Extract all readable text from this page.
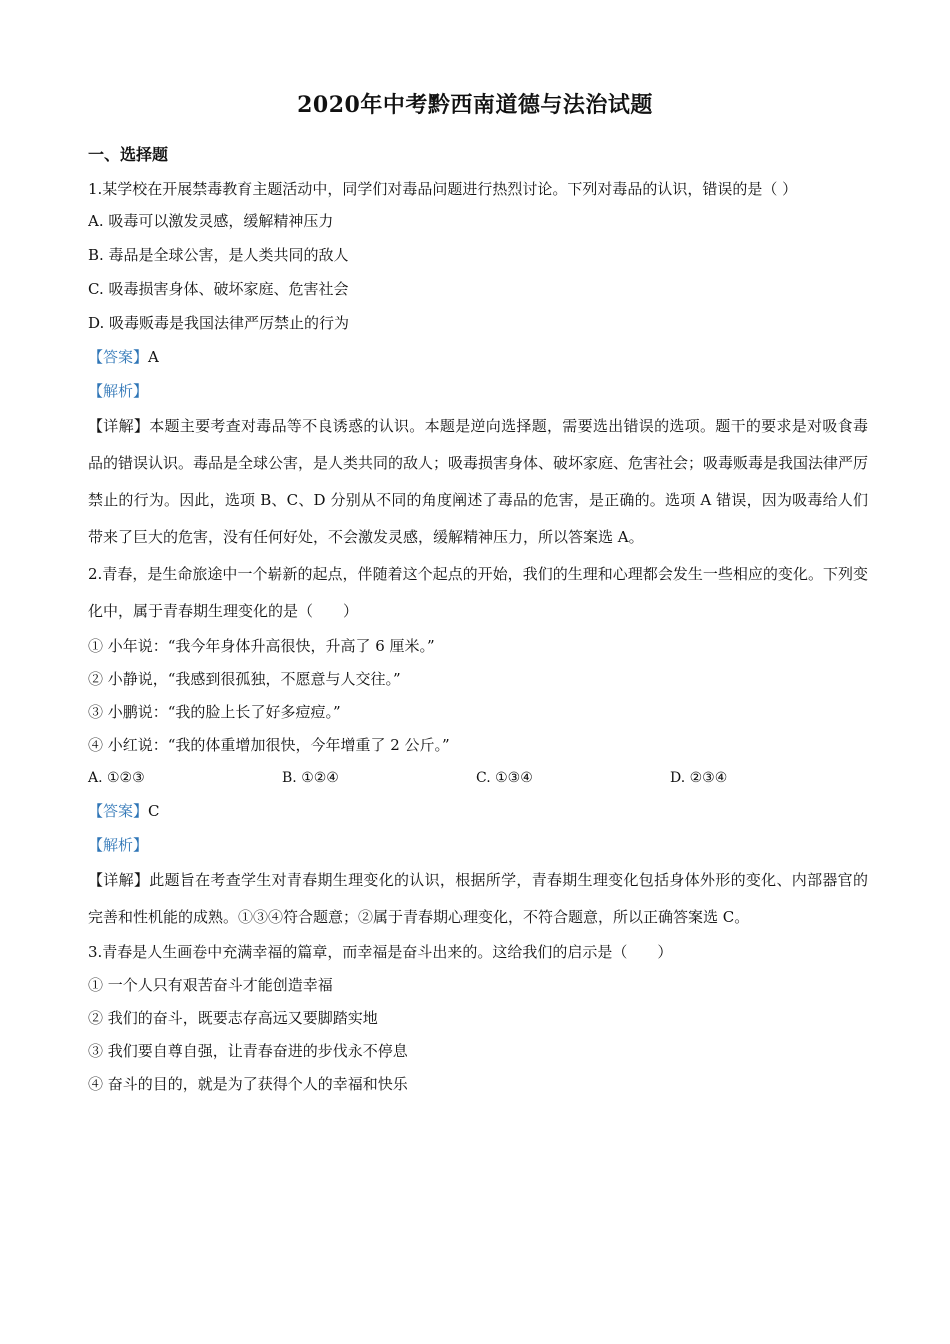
2020年中考黔西南道德与法治试题
一、选择题
1.某学校在开展禁毒教育主题活动中，同学们对毒品问题进行热烈讨论。下列对毒品的认识，错误的是（ ）
A. 吸毒可以激发灵感，缓解精神压力
B. 毒品是全球公害，是人类共同的敌人
C. 吸毒损害身体、破坏家庭、危害社会
D. 吸毒贩毒是我国法律严厉禁止的行为
【答案】A
【解析】
【详解】本题主要考查对毒品等不良诱惑的认识。本题是逆向选择题，需要选出错误的选项。题干的要求是对吸食毒品的错误认识。毒品是全球公害，是人类共同的敌人；吸毒损害身体、破坏家庭、危害社会；吸毒贩毒是我国法律严厉禁止的行为。因此，选项 B、C、D 分别从不同的角度阐述了毒品的危害，是正确的。选项 A 错误，因为吸毒给人们带来了巨大的危害，没有任何好处，不会激发灵感，缓解精神压力，所以答案选 A。
2.青春，是生命旅途中一个崭新的起点，伴随着这个起点的开始，我们的生理和心理都会发生一些相应的变化。下列变化中，属于青春期生理变化的是（　　）
① 小年说：“我今年身体升高很快，升高了 6 厘米。”
② 小静说，“我感到很孤独，不愿意与人交往。”
③ 小鹏说：“我的脸上长了好多痘痘。”
④ 小红说：“我的体重增加很快，今年增重了 2 公斤。”
A. ①②③	B. ①②④	C. ①③④	D. ②③④
【答案】C
【解析】
【详解】此题旨在考查学生对青春期生理变化的认识，根据所学，青春期生理变化包括身体外形的变化、内部器官的完善和性机能的成熟。①③④符合题意；②属于青春期心理变化，不符合题意，所以正确答案选 C。
3.青春是人生画卷中充满幸福的篇章，而幸福是奋斗出来的。这给我们的启示是（　　）
① 一个人只有艰苦奋斗才能创造幸福
② 我们的奋斗，既要志存高远又要脚踏实地
③ 我们要自尊自强，让青春奋进的步伐永不停息
④ 奋斗的目的，就是为了获得个人的幸福和快乐
